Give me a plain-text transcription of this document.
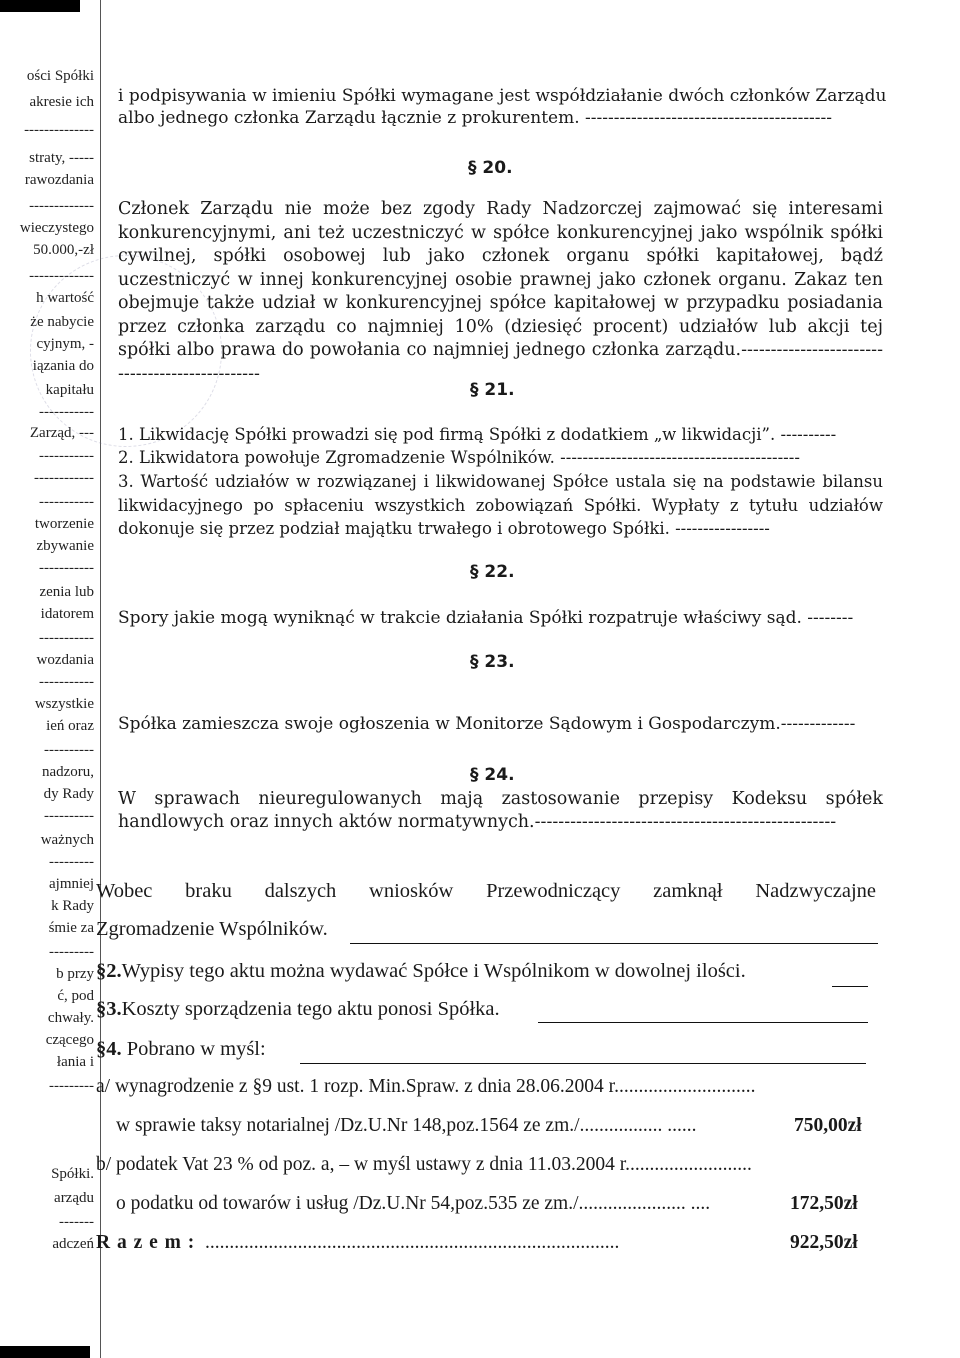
ości Spółki
akresie ich
--------------
straty, -----
rawozdania
-------------
wieczystego
50.000,-zł
-------------
h wartość
że nabycie
cyjnym, -
iązania do
kapitału
-----------
Zarząd, ---
-----------
------------
-----------
tworzenie
zbywanie
-----------
zenia lub
idatorem
-----------
wozdania
-----------
wszystkie
ień oraz
----------
nadzoru,
dy Rady
----------
ważnych
---------
ajmniej
k Rady
śmie za
---------
b przy
ć, pod
chwały.
czącego
łania i
---------
Spółki.
arządu
-------
adczeń
i podpisywania w imieniu Spółki wymagane jest współdziałanie dwóch członków Zarządu
albo jednego członka Zarządu łącznie z prokurentem. -------------------------------------------
§ 20.
Członek Zarządu nie może bez zgody Rady Nadzorczej zajmować się interesami konkurencyjnymi, ani też uczestniczyć w spółce konkurencyjnej jako wspólnik spółki cywilnej, spółki osobowej lub jako członek organu spółki kapitałowej, bądź uczestniczyć w innej konkurencyjnej osobie prawnej jako członek organu. Zakaz ten obejmuje także udział w konkurencyjnej spółce kapitałowej w przypadku posiadania przez członka zarządu co najmniej 10% (dziesięć procent) udziałów lub akcji tej spółki albo prawa do powołania co najmniej jednego członka zarządu.------------------------------------------------
§ 21.
1. Likwidację Spółki prowadzi się pod firmą Spółki z dodatkiem „w likwidacji”. ----------
2. Likwidatora powołuje Zgromadzenie Wspólników. -------------------------------------------
3. Wartość udziałów w rozwiązanej i likwidowanej Spółce ustala się na podstawie bilansu likwidacyjnego po spłaceniu wszystkich zobowiązań Spółki. Wypłaty z tytułu udziałów dokonuje się przez podział majątku trwałego i obrotowego Spółki. -----------------
§ 22.
Spory jakie mogą wyniknąć w trakcie działania Spółki rozpatruje właściwy sąd. --------
§ 23.
Spółka zamieszcza swoje ogłoszenia w Monitorze Sądowym i Gospodarczym.-------------
§ 24.
W sprawach nieuregulowanych mają zastosowanie przepisy Kodeksu spółek handlowych oraz innych aktów normatywnych.---------------------------------------------------
Wobec braku dalszych wniosków Przewodniczący zamknął Nadzwyczajne
Zgromadzenie Wspólników.
§2.Wypisy tego aktu można wydawać Spółce i Wspólnikom w dowolnej ilości.
§3.Koszty sporządzenia tego aktu ponosi Spółka.
§4. Pobrano w myśl:
a/ wynagrodzenie z §9 ust. 1 rozp. Min.Spraw. z dnia 28.06.2004 r.............................
w sprawie taksy notarialnej /Dz.U.Nr 148,poz.1564 ze zm./................. ......	750,00zł
b/ podatek Vat 23 % od poz. a, – w myśl ustawy z dnia 11.03.2004 r..........................
o podatku od towarów i usług /Dz.U.Nr 54,poz.535 ze zm./...................... ....	172,50zł
R a z e m : .....................................................................................	922,50zł
